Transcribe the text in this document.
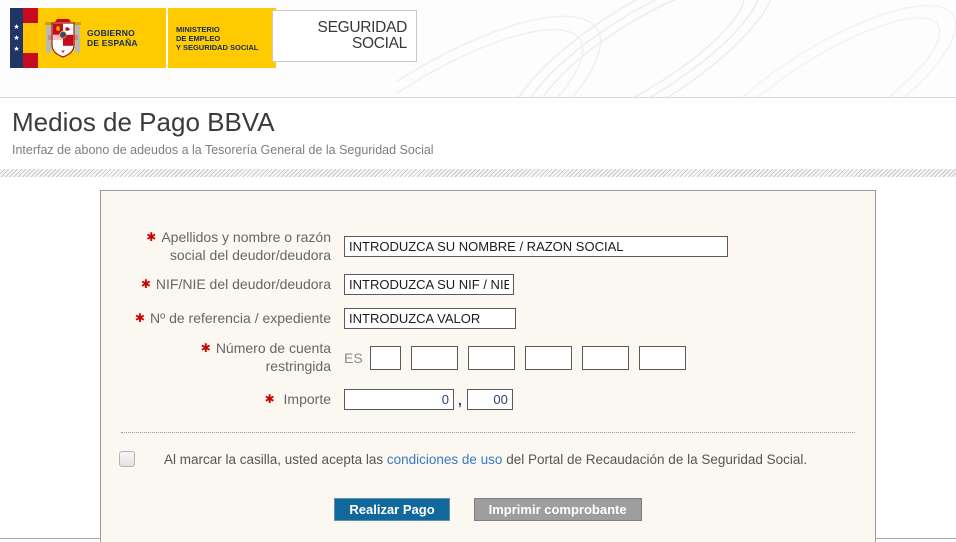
★
★
★
GOBIERNO
DE ESPAÑA
MINISTERIO
DE EMPLEO
Y SEGURIDAD SOCIAL
SEGURIDAD
SOCIAL
Medios de Pago BBVA
Interfaz de abono de adeudos a la Tesorería General de la Seguridad Social
✱ Apellidos y nombre o razón
social del deudor/deudora
INTRODUZCA SU NOMBRE / RAZON SOCIAL
✱ NIF/NIE del deudor/deudora
INTRODUZCA SU NIF / NIE
✱ Nº de referencia / expediente
INTRODUZCA VALOR
✱ Número de cuenta
restringida
ES
✱ Importe
0	,
00
Al marcar la casilla, usted acepta las condiciones de uso del Portal de Recaudación de la Seguridad Social.
Realizar Pago	Imprimir comprobante
